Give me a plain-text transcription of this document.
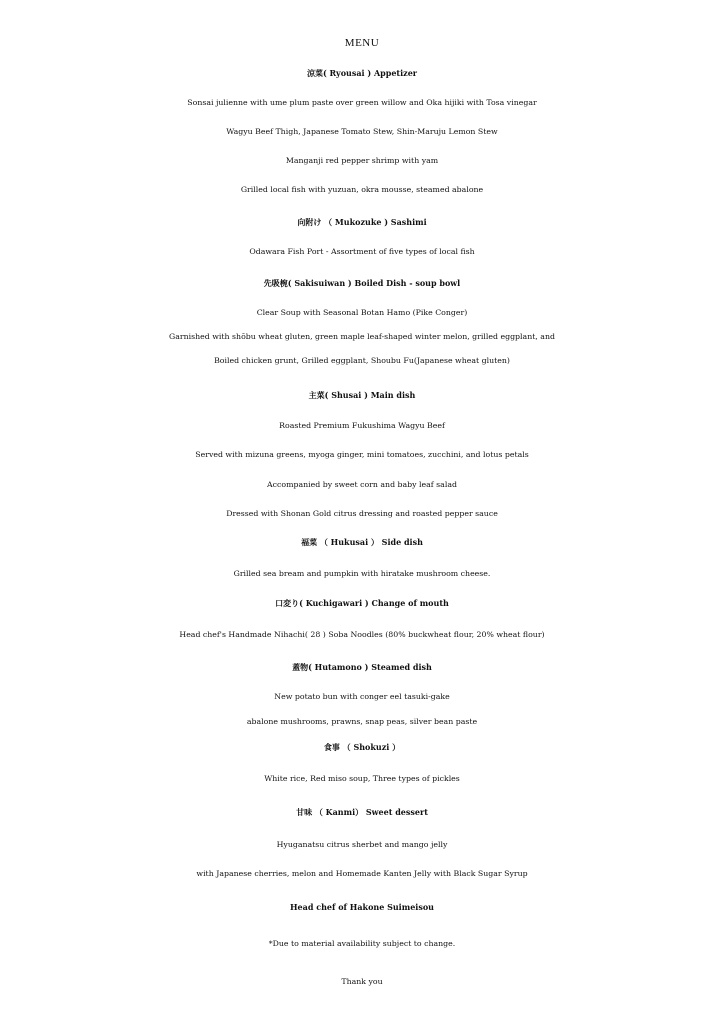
MENU
涼菜( Ryousai ) Appetizer
Sonsai julienne with ume plum paste over green willow and Oka hijiki with Tosa vinegar
Wagyu Beef Thigh, Japanese Tomato Stew, Shin-Maruju Lemon Stew
Manganji red pepper shrimp with yam
Grilled local fish with yuzuan, okra mousse, steamed abalone
向附け （ Mukozuke ) Sashimi
Odawara Fish Port - Assortment of five types of local fish
先吸椀( Sakisuiwan ) Boiled Dish - soup bowl
Clear Soup with Seasonal Botan Hamo (Pike Conger)
Garnished with shōbu wheat gluten, green maple leaf-shaped winter melon, grilled eggplant, and
Boiled chicken grunt, Grilled eggplant, Shoubu Fu(Japanese wheat gluten)
主菜( Shusai ) Main dish
Roasted Premium Fukushima Wagyu Beef
Served with mizuna greens, myoga ginger, mini tomatoes, zucchini, and lotus petals
Accompanied by sweet corn and baby leaf salad
Dressed with Shonan Gold citrus dressing and roasted pepper sauce
福菜 （ Hukusai ） Side dish
Grilled sea bream and pumpkin with hiratake mushroom cheese.
口変り( Kuchigawari ) Change of mouth
Head chef's Handmade Nihachi( 28 ) Soba Noodles (80% buckwheat flour, 20% wheat flour)
蓋物( Hutamono ) Steamed dish
New potato bun with conger eel tasuki-gake
abalone mushrooms, prawns, snap peas, silver bean paste
食事 （ Shokuzi ）
White rice, Red miso soup, Three types of pickles
甘味 （ Kanmi） Sweet dessert
Hyuganatsu citrus sherbet and mango jelly
with Japanese cherries, melon and Homemade Kanten Jelly with Black Sugar Syrup
Head chef of Hakone Suimeisou
*Due to material availability subject to change.
Thank you
